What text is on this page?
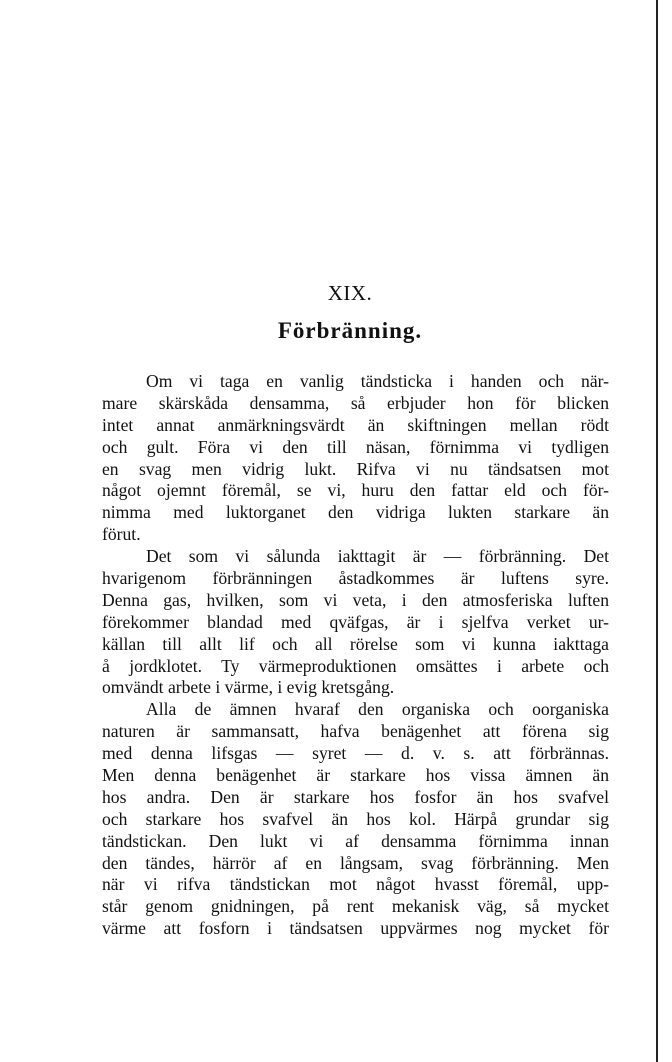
XIX.
Förbränning.
Om vi taga en vanlig tändsticka i handen och när-
mare skärskåda densamma, så erbjuder hon för blicken
intet annat anmärkningsvärdt än skiftningen mellan rödt
och gult. Föra vi den till näsan, förnimma vi tydligen
en svag men vidrig lukt. Rifva vi nu tändsatsen mot
något ojemnt föremål, se vi, huru den fattar eld och för-
nimma med luktorganet den vidriga lukten starkare än
förut.
Det som vi sålunda iakttagit är — förbränning. Det
hvarigenom förbränningen åstadkommes är luftens syre.
Denna gas, hvilken, som vi veta, i den atmosferiska luften
förekommer blandad med qväfgas, är i sjelfva verket ur-
källan till allt lif och all rörelse som vi kunna iakttaga
å jordklotet. Ty värmeproduktionen omsättes i arbete och
omvändt arbete i värme, i evig kretsgång.
Alla de ämnen hvaraf den organiska och oorganiska
naturen är sammansatt, hafva benägenhet att förena sig
med denna lifsgas — syret — d. v. s. att förbrännas.
Men denna benägenhet är starkare hos vissa ämnen än
hos andra. Den är starkare hos fosfor än hos svafvel
och starkare hos svafvel än hos kol. Härpå grundar sig
tändstickan. Den lukt vi af densamma förnimma innan
den tändes, härrör af en långsam, svag förbränning. Men
när vi rifva tändstickan mot något hvasst föremål, upp-
står genom gnidningen, på rent mekanisk väg, så mycket
värme att fosforn i tändsatsen uppvärmes nog mycket för
